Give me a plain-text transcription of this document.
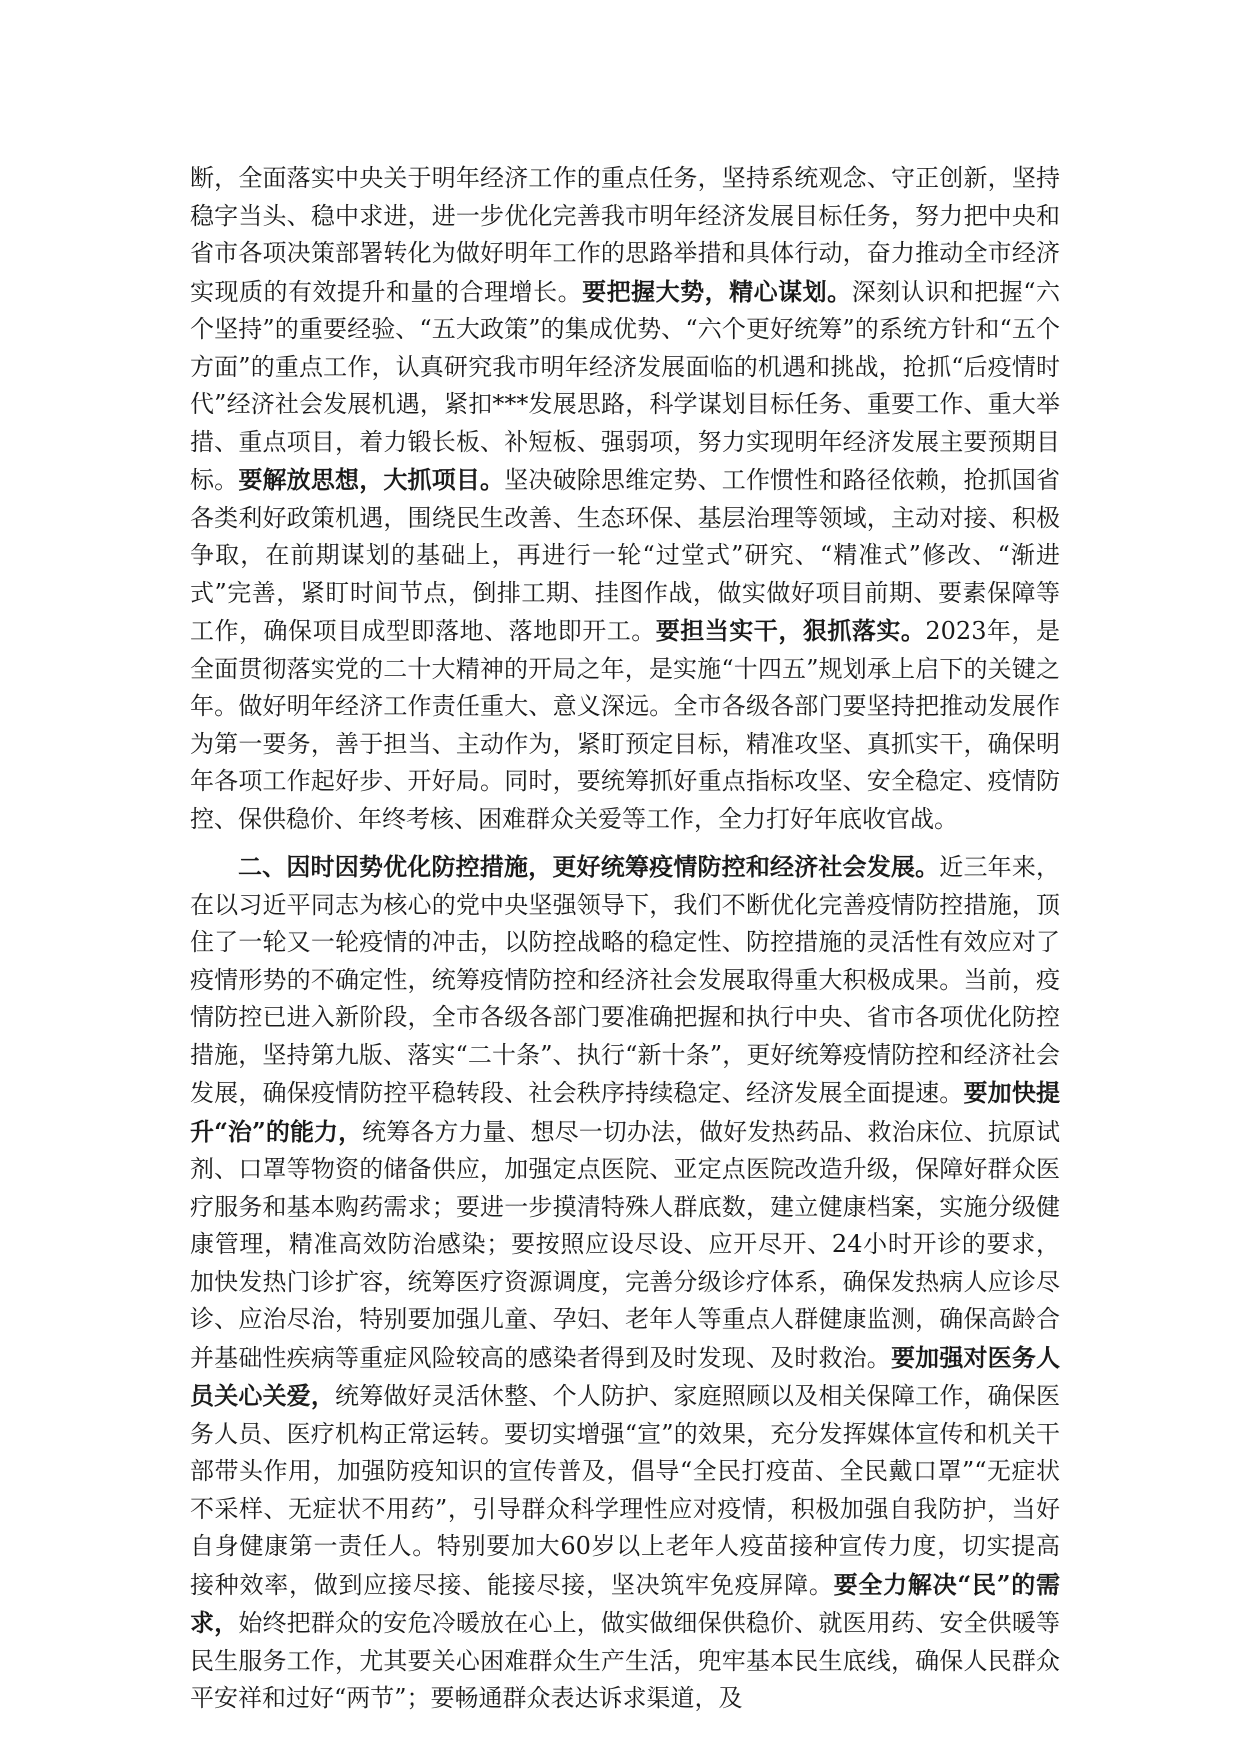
断，全面落实中央关于明年经济工作的重点任务，坚持系统观念、守正创新，坚持稳字当头、稳中求进，进一步优化完善我市明年经济发展目标任务，努力把中央和省市各项决策部署转化为做好明年工作的思路举措和具体行动，奋力推动全市经济实现质的有效提升和量的合理增长。要把握大势，精心谋划。深刻认识和把握“六个坚持”的重要经验、“五大政策”的集成优势、“六个更好统筹”的系统方针和“五个方面”的重点工作，认真研究我市明年经济发展面临的机遇和挑战，抢抓“后疫情时代”经济社会发展机遇，紧扣***发展思路，科学谋划目标任务、重要工作、重大举措、重点项目，着力锻长板、补短板、强弱项，努力实现明年经济发展主要预期目标。要解放思想，大抓项目。坚决破除思维定势、工作惯性和路径依赖，抢抓国省各类利好政策机遇，围绕民生改善、生态环保、基层治理等领域，主动对接、积极争取，在前期谋划的基础上，再进行一轮“过堂式”研究、“精准式”修改、“渐进式”完善，紧盯时间节点，倒排工期、挂图作战，做实做好项目前期、要素保障等工作，确保项目成型即落地、落地即开工。要担当实干，狠抓落实。2023年，是全面贯彻落实党的二十大精神的开局之年，是实施“十四五”规划承上启下的关键之年。做好明年经济工作责任重大、意义深远。全市各级各部门要坚持把推动发展作为第一要务，善于担当、主动作为，紧盯预定目标，精准攻坚、真抓实干，确保明年各项工作起好步、开好局。同时，要统筹抓好重点指标攻坚、安全稳定、疫情防控、保供稳价、年终考核、困难群众关爱等工作，全力打好年底收官战。

二、因时因势优化防控措施，更好统筹疫情防控和经济社会发展。近三年来，在以习近平同志为核心的党中央坚强领导下，我们不断优化完善疫情防控措施，顶住了一轮又一轮疫情的冲击，以防控战略的稳定性、防控措施的灵活性有效应对了疫情形势的不确定性，统筹疫情防控和经济社会发展取得重大积极成果。当前，疫情防控已进入新阶段，全市各级各部门要准确把握和执行中央、省市各项优化防控措施，坚持第九版、落实“二十条”、执行“新十条”，更好统筹疫情防控和经济社会发展，确保疫情防控平稳转段、社会秩序持续稳定、经济发展全面提速。要加快提升“治”的能力，统筹各方力量、想尽一切办法，做好发热药品、救治床位、抗原试剂、口罩等物资的储备供应，加强定点医院、亚定点医院改造升级，保障好群众医疗服务和基本购药需求；要进一步摸清特殊人群底数，建立健康档案，实施分级健康管理，精准高效防治感染；要按照应设尽设、应开尽开、24小时开诊的要求，加快发热门诊扩容，统筹医疗资源调度，完善分级诊疗体系，确保发热病人应诊尽诊、应治尽治，特别要加强儿童、孕妇、老年人等重点人群健康监测，确保高龄合并基础性疾病等重症风险较高的感染者得到及时发现、及时救治。要加强对医务人员关心关爱，统筹做好灵活休整、个人防护、家庭照顾以及相关保障工作，确保医务人员、医疗机构正常运转。要切实增强“宣”的效果，充分发挥媒体宣传和机关干部带头作用，加强防疫知识的宣传普及，倡导“全民打疫苗、全民戴口罩”“无症状不采样、无症状不用药”，引导群众科学理性应对疫情，积极加强自我防护，当好自身健康第一责任人。特别要加大60岁以上老年人疫苗接种宣传力度，切实提高接种效率，做到应接尽接、能接尽接，坚决筑牢免疫屏障。要全力解决“民”的需求，始终把群众的安危冷暖放在心上，做实做细保供稳价、就医用药、安全供暖等民生服务工作，尤其要关心困难群众生产生活，兜牢基本民生底线，确保人民群众平安祥和过好“两节”；要畅通群众表达诉求渠道，及
